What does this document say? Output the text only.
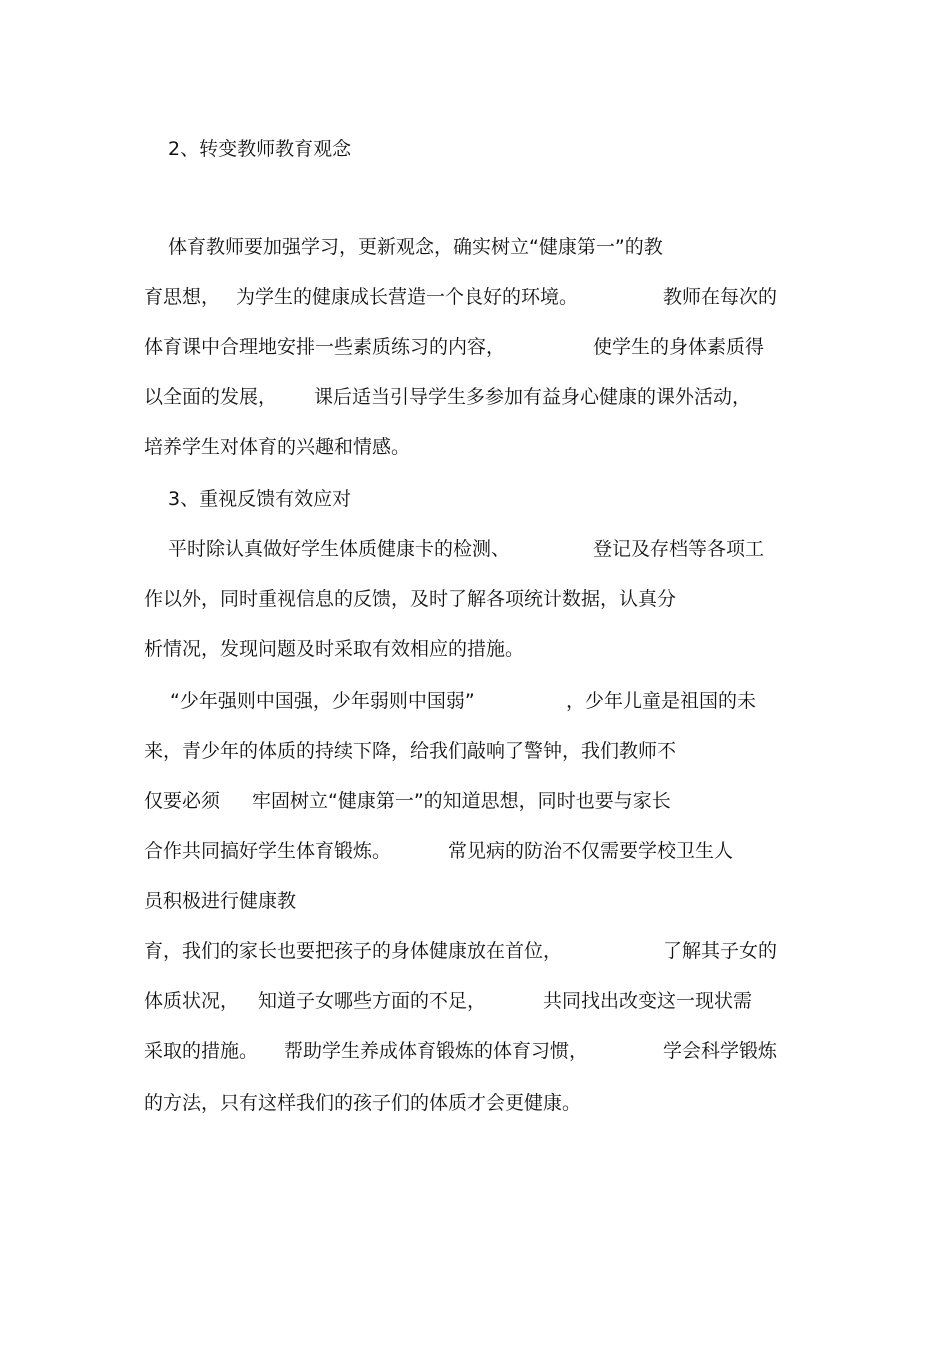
2、转变教师教育观念
体育教师要加强学习，更新观念，确实树立“健康第一”的教
育思想， 为学生的健康成长营造一个良好的环境。	教师在每次的
体育课中合理地安排一些素质练习的内容，	使学生的身体素质得
以全面的发展， 课后适当引导学生多参加有益身心健康的课外活动，
培养学生对体育的兴趣和情感。
3、重视反馈有效应对
平时除认真做好学生体质健康卡的检测、	登记及存档等各项工
作以外，同时重视信息的反馈，及时了解各项统计数据，认真分
析情况，发现问题及时采取有效相应的措施。
“少年强则中国强，少年弱则中国弱”	，少年儿童是祖国的未
来，青少年的体质的持续下降，给我们敲响了警钟，我们教师不
仅要必须 牢固树立“健康第一”的知道思想，同时也要与家长
合作共同搞好学生体育锻炼。	常见病的防治不仅需要学校卫生人
员积极进行健康教
育，我们的家长也要把孩子的身体健康放在首位，	了解其子女的
体质状况， 知道子女哪些方面的不足，	共同找出改变这一现状需
采取的措施。 帮助学生养成体育锻炼的体育习惯，	学会科学锻炼
的方法，只有这样我们的孩子们的体质才会更健康。
